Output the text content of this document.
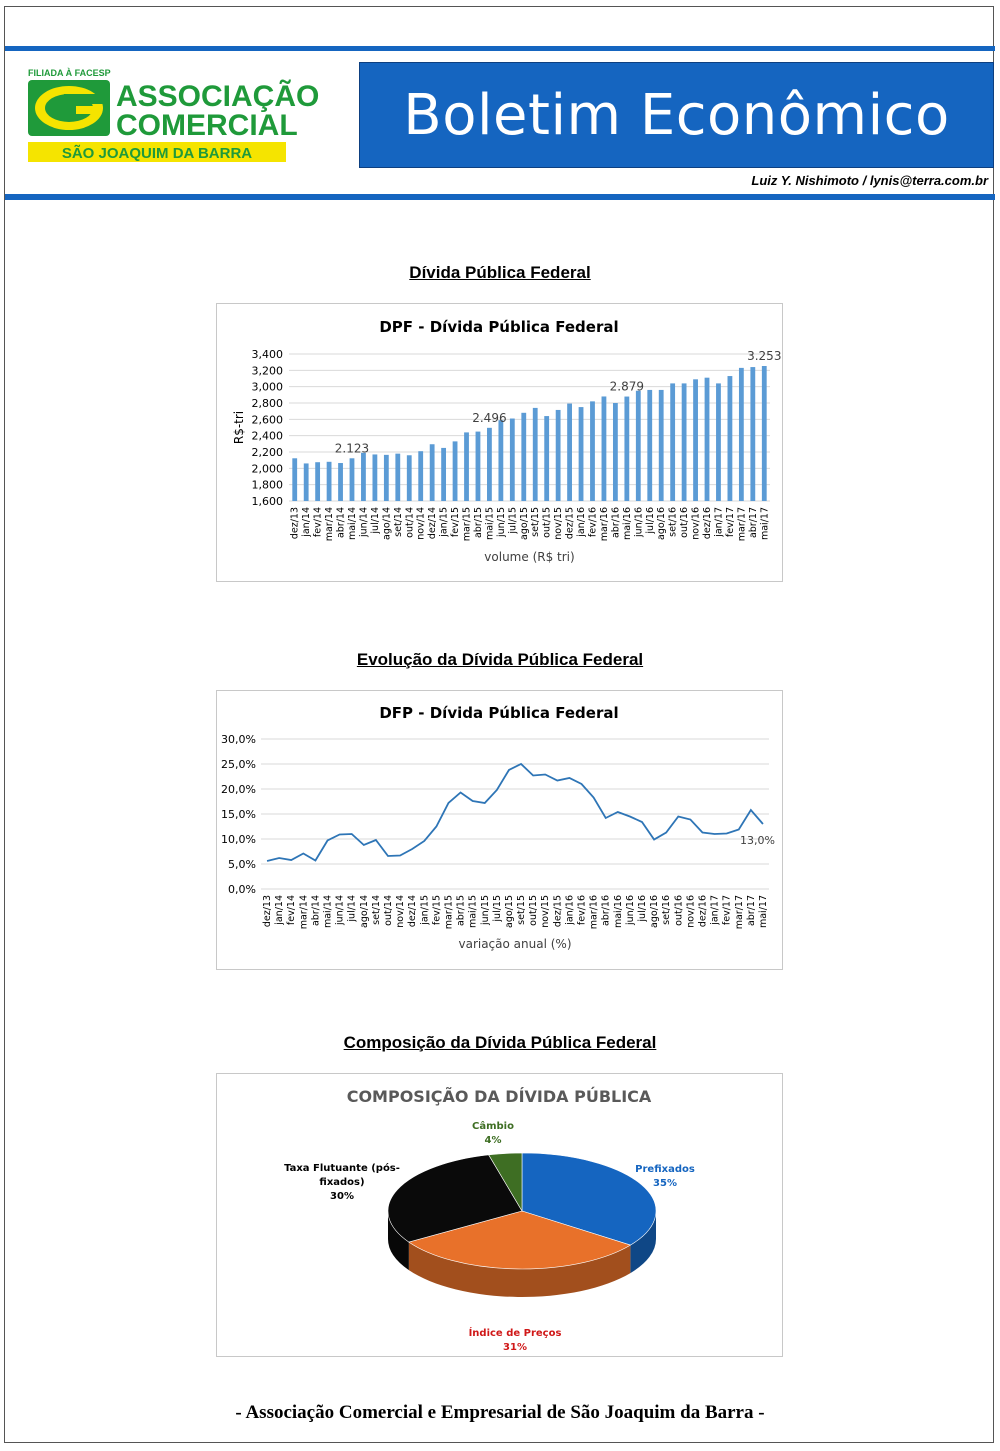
FILIADA À FACESP
ASSOCIAÇÃO
COMERCIAL
SÃO JOAQUIM DA BARRA
Boletim Econômico
Luiz Y. Nishimoto / lynis@terra.com.br
Dívida Pública Federal
DPF - Dívida Pública Federal
1,600
1,800
2,000
2,200
2,400
2,600
2,800
3,000
3,200
3,400
R$-tri
dez/13 jan/14 fev/14 mar/14 abr/14 mai/14 jun/14 jul/14 ago/14 set/14 out/14 nov/14 dez/14 jan/15 fev/15 mar/15 abr/15 mai/15 jun/15 jul/15 ago/15 set/15 out/15 nov/15 dez/15 jan/16 fev/16 mar/16 abr/16 mai/16 jun/16 jul/16 ago/16 set/16 out/16 nov/16 dez/16 jan/17 fev/17 mar/17 abr/17 mai/17
2.123
2.496
2.879
3.253
volume (R$ tri)
Evolução da Dívida Pública Federal
DFP - Dívida Pública Federal
0,0%
5,0%
10,0%
15,0%
20,0%
25,0%
30,0%
dez/13 jan/14 fev/14 mar/14 abr/14 mai/14 jun/14 jul/14 ago/14 set/14 out/14 nov/14 dez/14 jan/15 fev/15 mar/15 abr/15 mai/15 jun/15 jul/15 ago/15 set/15 out/15 nov/15 dez/15 jan/16 fev/16 mar/16 abr/16 mai/16 jun/16 jul/16 ago/16 set/16 out/16 nov/16 dez/16 jan/17 fev/17 mar/17 abr/17 mai/17
13,0%
variação anual (%)
Composição da Dívida Pública Federal
COMPOSIÇÃO DA DÍVIDA PÚBLICA
Prefixados
35%
Índice de Preços
31%
Taxa Flutuante (pós-
fixados)
30%
Câmbio
4%
- Associação Comercial e Empresarial de São Joaquim da Barra -
